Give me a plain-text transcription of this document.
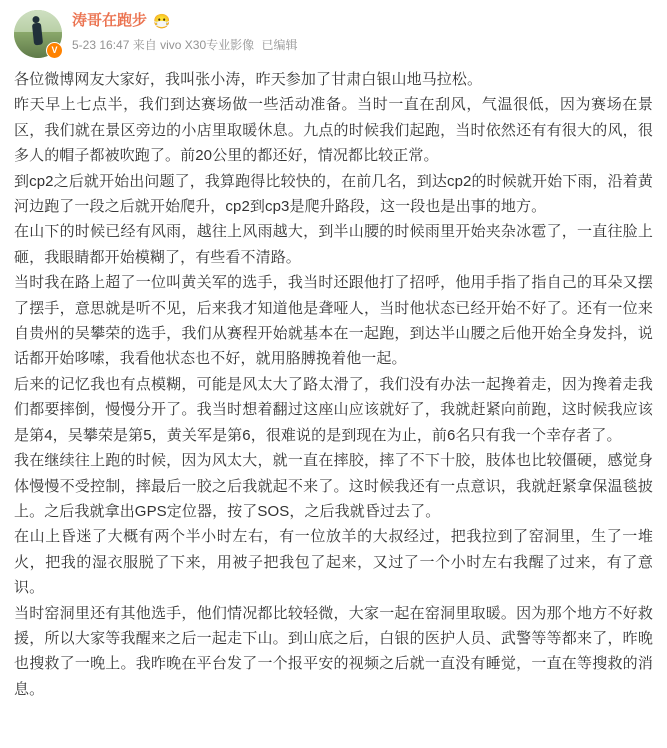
V
涛哥在跑步 😷
5-23 16:47 来自 vivo X30专业影像 已编辑

各位微博网友大家好，我叫张小涛，昨天参加了甘肃白银山地马拉松。

昨天早上七点半，我们到达赛场做一些活动准备。当时一直在刮风，气温很低，因为赛场在景区，我们就在景区旁边的小店里取暖休息。九点的时候我们起跑，当时依然还有有很大的风，很多人的帽子都被吹跑了。前20公里的都还好，情况都比较正常。

到cp2之后就开始出问题了，我算跑得比较快的，在前几名，到达cp2的时候就开始下雨，沿着黄河边跑了一段之后就开始爬升，cp2到cp3是爬升路段，这一段也是出事的地方。

在山下的时候已经有风雨，越往上风雨越大，到半山腰的时候雨里开始夹杂冰雹了，一直往脸上砸，我眼睛都开始模糊了，有些看不清路。

当时我在路上超了一位叫黄关军的选手，我当时还跟他打了招呼，他用手指了指自己的耳朵又摆了摆手，意思就是听不见，后来我才知道他是聋哑人，当时他状态已经开始不好了。还有一位来自贵州的吴攀荣的选手，我们从赛程开始就基本在一起跑，到达半山腰之后他开始全身发抖，说话都开始哆嗦，我看他状态也不好，就用胳膊挽着他一起。

后来的记忆我也有点模糊，可能是风太大了路太滑了，我们没有办法一起搀着走，因为搀着走我们都要摔倒，慢慢分开了。我当时想着翻过这座山应该就好了，我就赶紧向前跑，这时候我应该是第4，吴攀荣是第5，黄关军是第6，很难说的是到现在为止，前6名只有我一个幸存者了。

我在继续往上跑的时候，因为风太大，就一直在摔胶，摔了不下十胶，肢体也比较僵硬，感觉身体慢慢不受控制，摔最后一胶之后我就起不来了。这时候我还有一点意识，我就赶紧拿保温毯披上。之后我就拿出GPS定位器，按了SOS，之后我就昏过去了。

在山上昏迷了大概有两个半小时左右，有一位放羊的大叔经过，把我拉到了窑洞里，生了一堆火，把我的湿衣服脱了下来，用被子把我包了起来，又过了一个小时左右我醒了过来，有了意识。

当时窑洞里还有其他选手，他们情况都比较轻微，大家一起在窑洞里取暖。因为那个地方不好救援，所以大家等我醒来之后一起走下山。到山底之后，白银的医护人员、武警等等都来了，昨晚也搜救了一晚上。我昨晚在平台发了一个报平安的视频之后就一直没有睡觉，一直在等搜救的消息。
